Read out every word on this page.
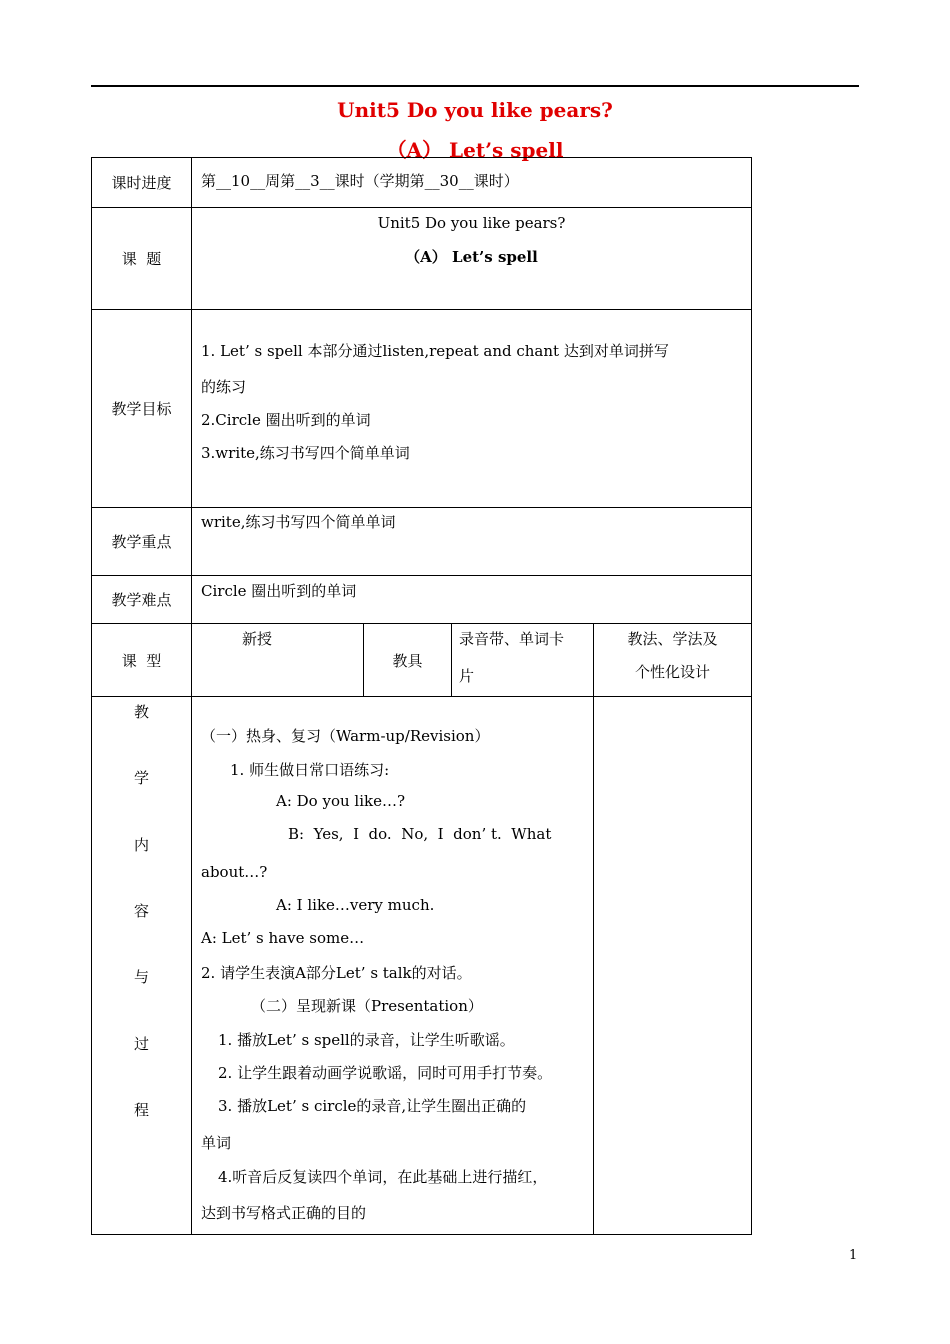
Unit5 Do you like pears?
（A） Let’s spell
课时进度 第__10__周第__3__课时（学期第__30__课时）
课  题
Unit5 Do you like pears?
（A） Let’s spell
教学目标
1. Let’ s spell 本部分通过listen,repeat and chant 达到对单词拼写
的练习
2.Circle 圈出听到的单词
3.write,练习书写四个简单单词
教学重点
write,练习书写四个简单单词
教学难点 Circle 圈出听到的单词
课  型
新授
教具
录音带、单词卡
片
教法、学法及
个性化设计
教
学
内
容
与
过
程
（一）热身、复习（Warm-up/Revision）
1. 师生做日常口语练习:
A: Do you like…?
B:  Yes,  I  do.  No,  I  don’ t.  What
about…?
A: I like…very much.
A: Let’ s have some…
2. 请学生表演A部分Let’ s talk的对话。
（二）呈现新课（Presentation）
1. 播放Let’ s spell的录音，让学生听歌谣。
2. 让学生跟着动画学说歌谣，同时可用手打节奏。
3. 播放Let’ s circle的录音,让学生圈出正确的
单词
4.听音后反复读四个单词，在此基础上进行描红，
达到书写格式正确的目的
1
